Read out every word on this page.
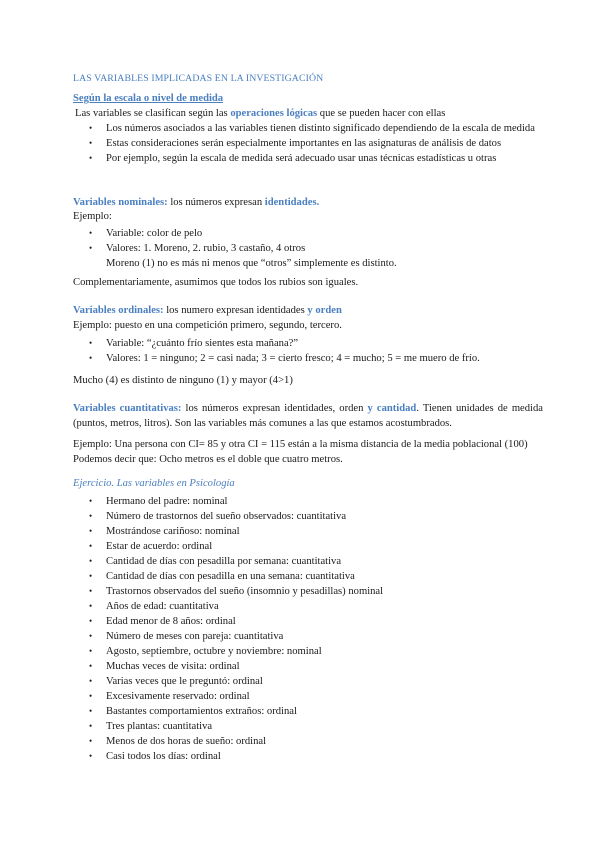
LAS VARIABLES IMPLICADAS EN LA INVESTIGACIÓN
Según la escala o nivel de medida
Las variables se clasifican según las operaciones lógicas que se pueden hacer con ellas
• Los números asociados a las variables tienen distinto significado dependiendo de la escala de medida
• Estas consideraciones serán especialmente importantes en las asignaturas de análisis de datos
• Por ejemplo, según la escala de medida será adecuado usar unas técnicas estadísticas u otras
Variables nominales: los números expresan identidades.
Ejemplo:
• Variable: color de pelo
• Valores: 1. Moreno, 2. rubio, 3 castaño, 4 otros
Moreno (1) no es más ni menos que “otros” simplemente es distinto.
Complementariamente, asumimos que todos los rubios son iguales.
Variables ordinales: los numero expresan identidades y orden
Ejemplo: puesto en una competición primero, segundo, tercero.
• Variable: “¿cuánto frío sientes esta mañana?”
• Valores: 1 = ninguno; 2 = casi nada; 3 = cierto fresco; 4 = mucho; 5 = me muero de frío.
Mucho (4) es distinto de ninguno (1) y mayor (4>1)
Variables cuantitativas: los números expresan identidades, orden y cantidad. Tienen unidades de medida (puntos, metros, litros). Son las variables más comunes a las que estamos acostumbrados.
Ejemplo: Una persona con CI= 85 y otra CI = 115 están a la misma distancia de la media poblacional (100) Podemos decir que: Ocho metros es el doble que cuatro metros.
Ejercicio. Las variables en Psicología
• Hermano del padre: nominal
• Número de trastornos del sueño observados: cuantitativa
• Mostrándose cariñoso: nominal
• Estar de acuerdo: ordinal
• Cantidad de días con pesadilla por semana: cuantitativa
• Cantidad de días con pesadilla en una semana: cuantitativa
• Trastornos observados del sueño (insomnio y pesadillas) nominal
• Años de edad: cuantitativa
• Edad menor de 8 años: ordinal
• Número de meses con pareja: cuantitativa
• Agosto, septiembre, octubre y noviembre: nominal
• Muchas veces de visita: ordinal
• Varias veces que le preguntó: ordinal
• Excesivamente reservado: ordinal
• Bastantes comportamientos extraños: ordinal
• Tres plantas: cuantitativa
• Menos de dos horas de sueño: ordinal
• Casi todos los días: ordinal
